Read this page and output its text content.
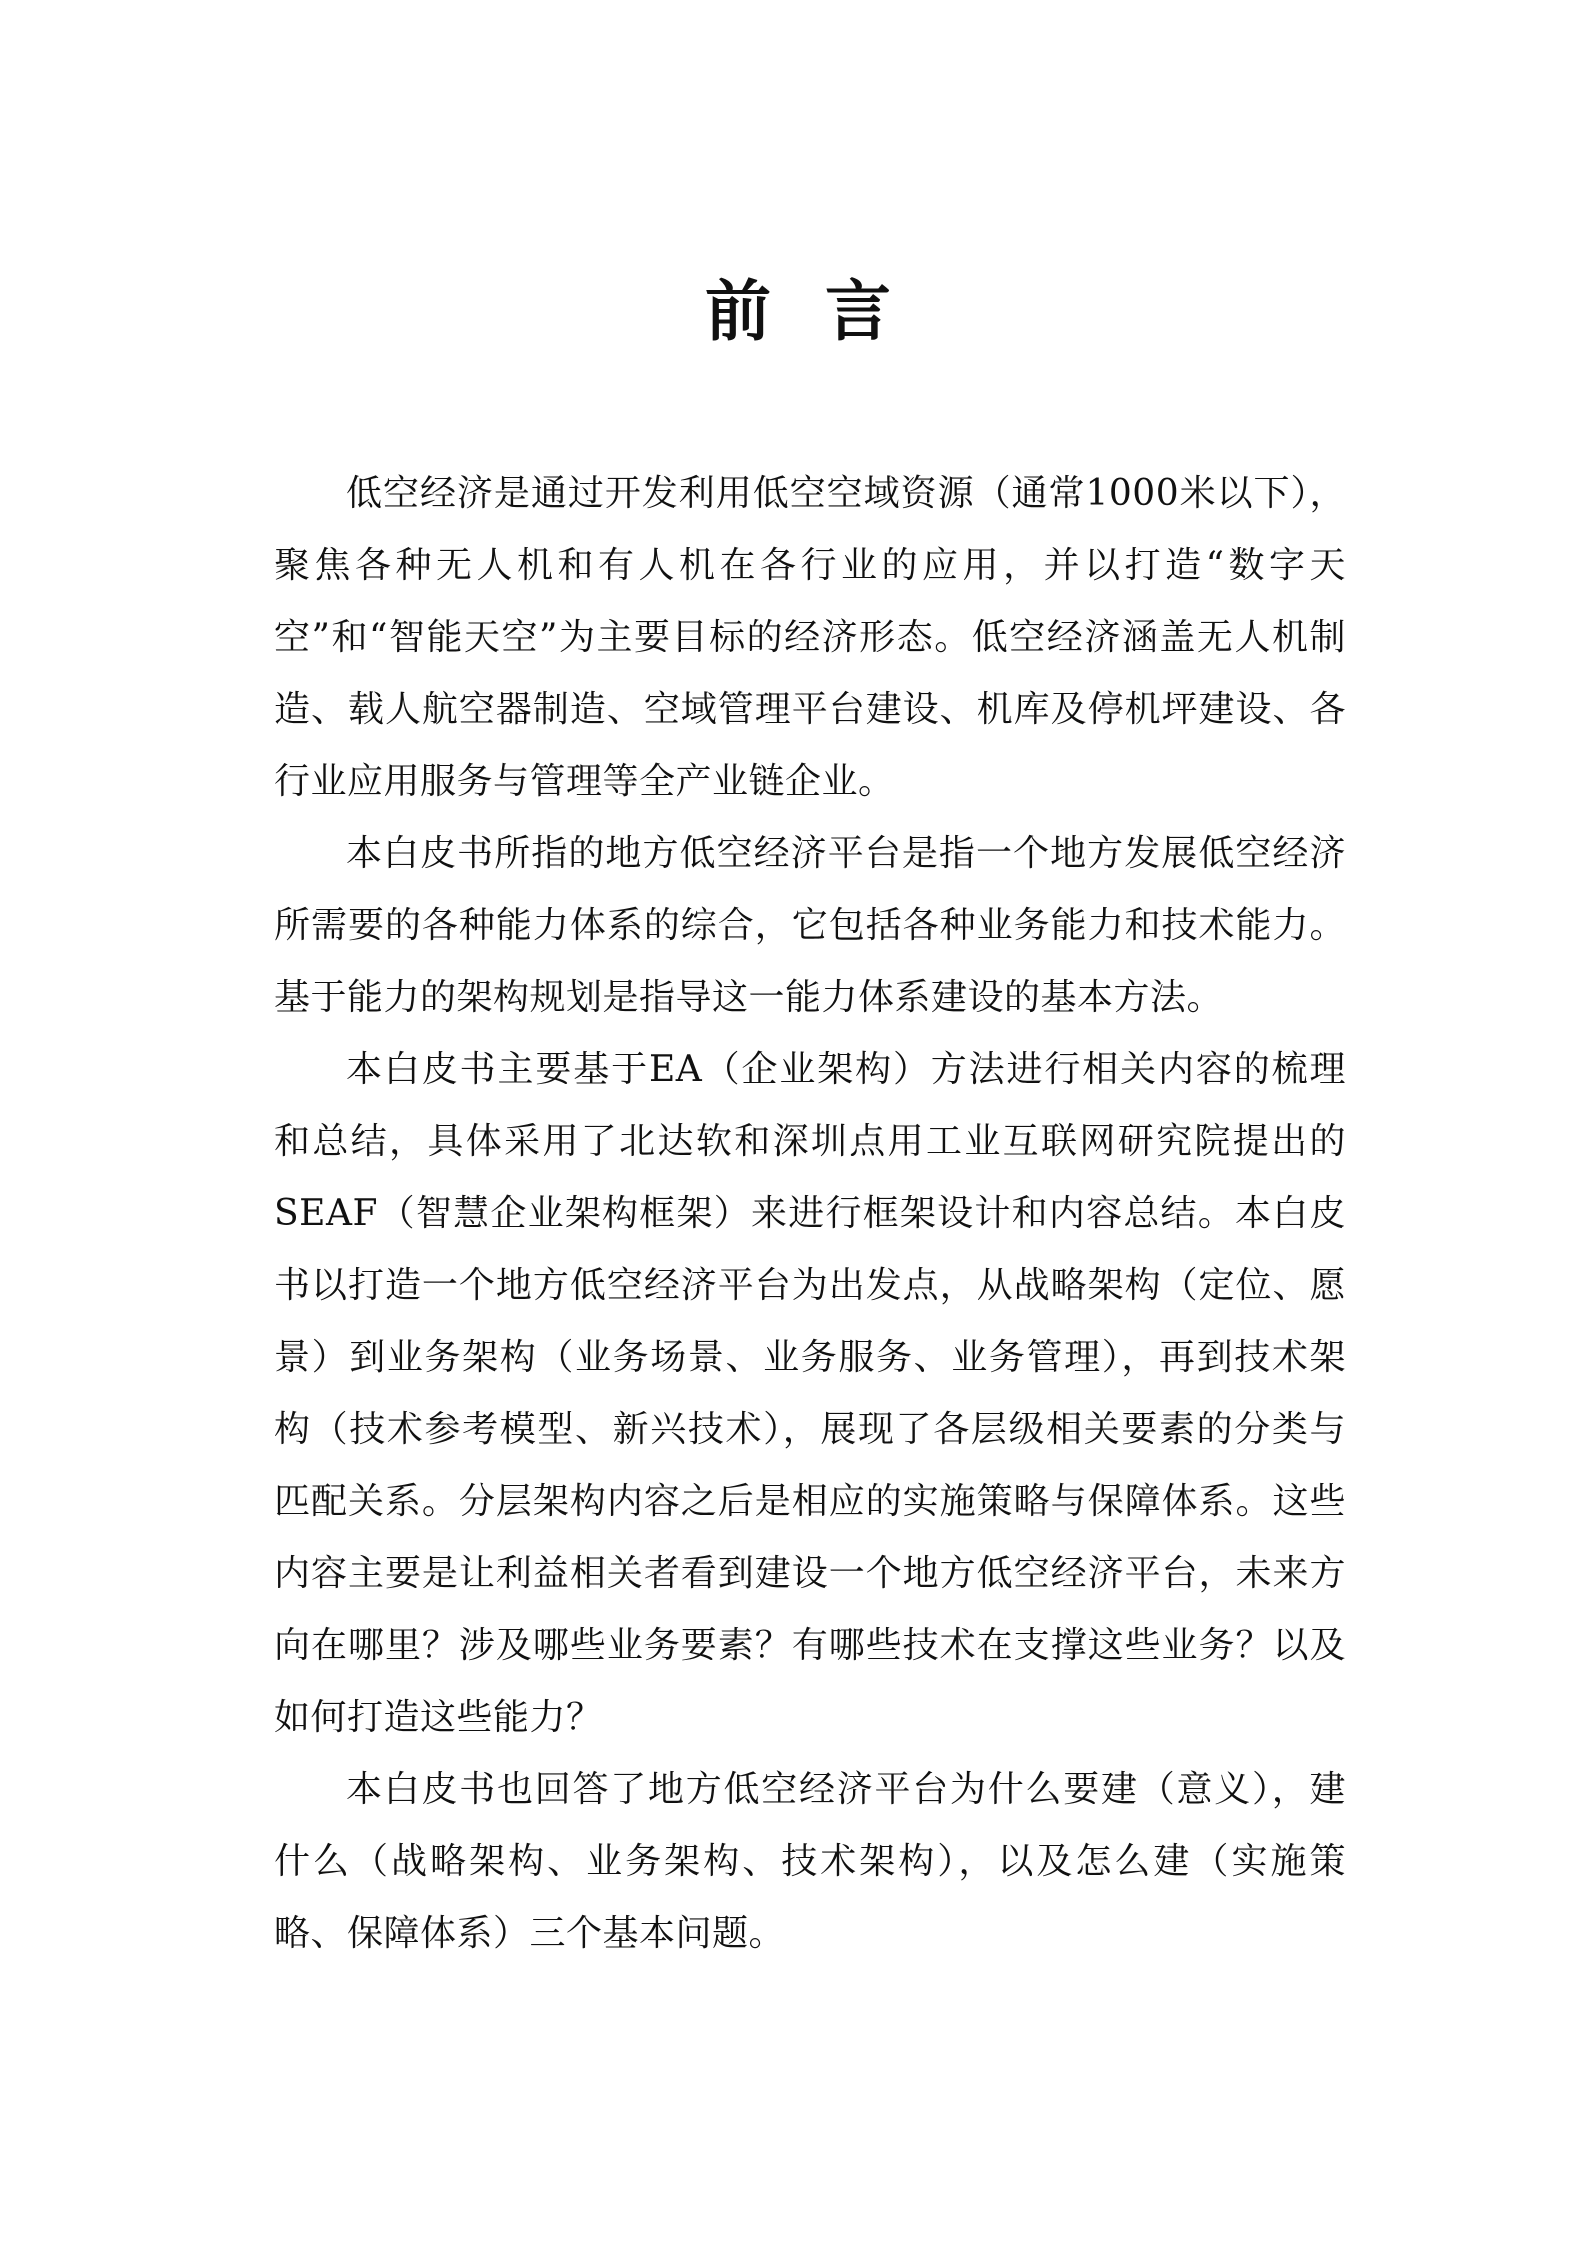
前言

低空经济是通过开发利用低空空域资源（通常1000米以下），聚焦各种无人机和有人机在各行业的应用，并以打造“数字天空”和“智能天空”为主要目标的经济形态。低空经济涵盖无人机制造、载人航空器制造、空域管理平台建设、机库及停机坪建设、各行业应用服务与管理等全产业链企业。

本白皮书所指的地方低空经济平台是指一个地方发展低空经济所需要的各种能力体系的综合，它包括各种业务能力和技术能力。基于能力的架构规划是指导这一能力体系建设的基本方法。

本白皮书主要基于EA（企业架构）方法进行相关内容的梳理和总结，具体采用了北达软和深圳点用工业互联网研究院提出的SEAF（智慧企业架构框架）来进行框架设计和内容总结。本白皮书以打造一个地方低空经济平台为出发点，从战略架构（定位、愿景）到业务架构（业务场景、业务服务、业务管理），再到技术架构（技术参考模型、新兴技术），展现了各层级相关要素的分类与匹配关系。分层架构内容之后是相应的实施策略与保障体系。这些内容主要是让利益相关者看到建设一个地方低空经济平台，未来方向在哪里？涉及哪些业务要素？有哪些技术在支撑这些业务？以及如何打造这些能力？

本白皮书也回答了地方低空经济平台为什么要建（意义），建什么（战略架构、业务架构、技术架构），以及怎么建（实施策略、保障体系）三个基本问题。
